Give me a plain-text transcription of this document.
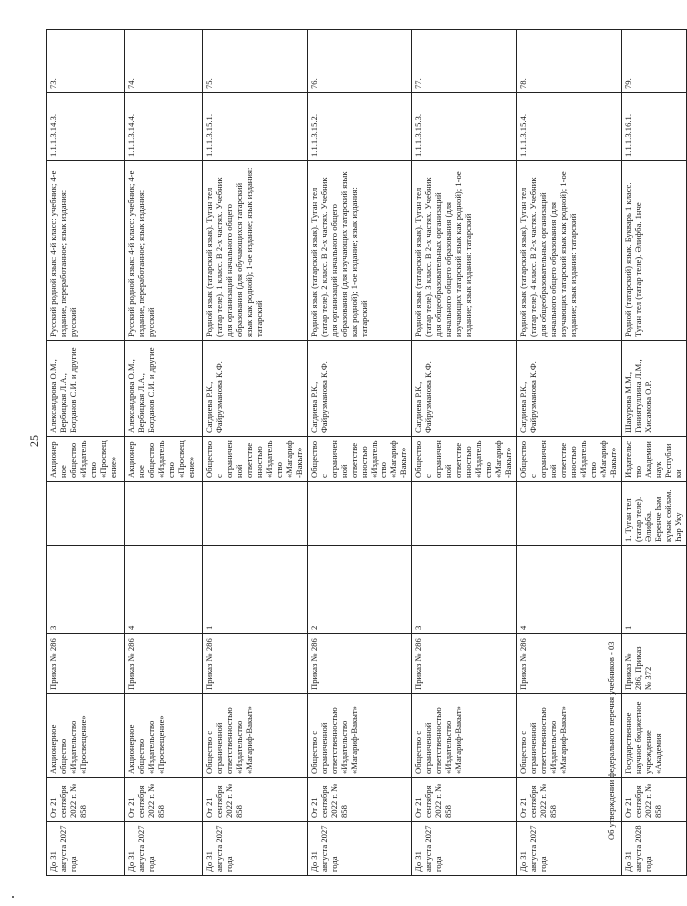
25
Об утверждении федерального перечня учебников - 03
До 31 августа 2027 года	От 21 сентября 2022 г. № 858	Акционерное общество «Издательство «Просвещение»	Приказ № 286	3		Акционерное общество «Издательство «Просвещение»	Александрова О.М., Вербицкая Л.А., Богданов С.И. и другие	Русский родной язык: 4-й класс: учебник; 4-е издание, переработанное; язык издания: русский	1.1.1.3.14.3.	73.
До 31 августа 2027 года	От 21 сентября 2022 г. № 858	Акционерное общество «Издательство «Просвещение»	Приказ № 286	4		Акционерное общество «Издательство «Просвещение»	Александрова О.М., Вербицкая Л.А., Богданов С.И. и другие	Русский родной язык: 4-й класс: учебник; 4-е издание, переработанное; язык издания: русский	1.1.1.3.14.4.	74.
До 31 августа 2027 года	От 21 сентября 2022 г. № 858	Общество с ограниченной ответственностью «Издательство «Магариф-Вакыт»	Приказ № 286	1		Общество с ограниченной ответственностью «Издательство «Магариф-Вакыт»	Сагдиева Р.К., Файрузманова К.Ф.	Родной язык (татарский язык). Туган тел (татар теле). 1 класс. В 2-х частях. Учебник для организаций начального общего образования (для обучающихся татарский язык как родной); 1-ое издание; язык издания: татарский	1.1.1.3.15.1.	75.
До 31 августа 2027 года	От 21 сентября 2022 г. № 858	Общество с ограниченной ответственностью «Издательство «Магариф-Вакыт»	Приказ № 286	2		Общество с ограниченной ответственностью «Издательство «Магариф-Вакыт»	Сагдиева Р.К., Файрузманова К.Ф.	Родной язык (татарский язык). Туган тел (татар теле). 2 класс. В 2-х частях. Учебник для организаций начального общего образования (для изучающих татарский язык как родной); 1-ое издание; язык издания: татарский	1.1.1.3.15.2.	76.
До 31 августа 2027 года	От 21 сентября 2022 г. № 858	Общество с ограниченной ответственностью «Издательство «Магариф-Вакыт»	Приказ № 286	3		Общество с ограниченной ответственностью «Издательство «Магариф-Вакыт»	Сагдиева Р.К., Файрузманова К.Ф.	Родной язык (татарский язык). Туган тел (татар теле). 3 класс. В 2-х частях. Учебник для общеобразовательных организаций начального общего образования (для изучающих татарский язык как родной); 1-ое издание; язык издания: татарский	1.1.1.3.15.3.	77.
До 31 августа 2027 года	От 21 сентября 2022 г. № 858	Общество с ограниченной ответственностью «Издательство «Магариф-Вакыт»	Приказ № 286	4		Общество с ограниченной ответственностью «Издательство «Магариф-Вакыт»	Сагдиева Р.К., Файрузманова К.Ф.	Родной язык (татарский язык). Туган тел (татар теле). 4 класс. В 2-х частях. Учебник для общеобразовательных организаций начального общего образования (для изучающих татарский язык как родной); 1-ое издание; язык издания: татарский	1.1.1.3.15.4.	78.
До 31 августа 2028 года	От 21 сентября 2022 г. № 858	Государственное научное бюджетное учреждение «Академия	Приказ № 286, Приказ № 372	1	1. Туган тел (татар теле). Әлифба. Беренче һәм күмәк сөйләм. Һәр Уку	Издательство Академии наук Республики	Шакурова М.М., Гиниятуллина Л.М., Хисамова О.Р.	Родной (татарский) язык. Букварь 1 класс. Туган тел (татар теле). Әлифба. 1нче	1.1.1.3.16.1.	79.
